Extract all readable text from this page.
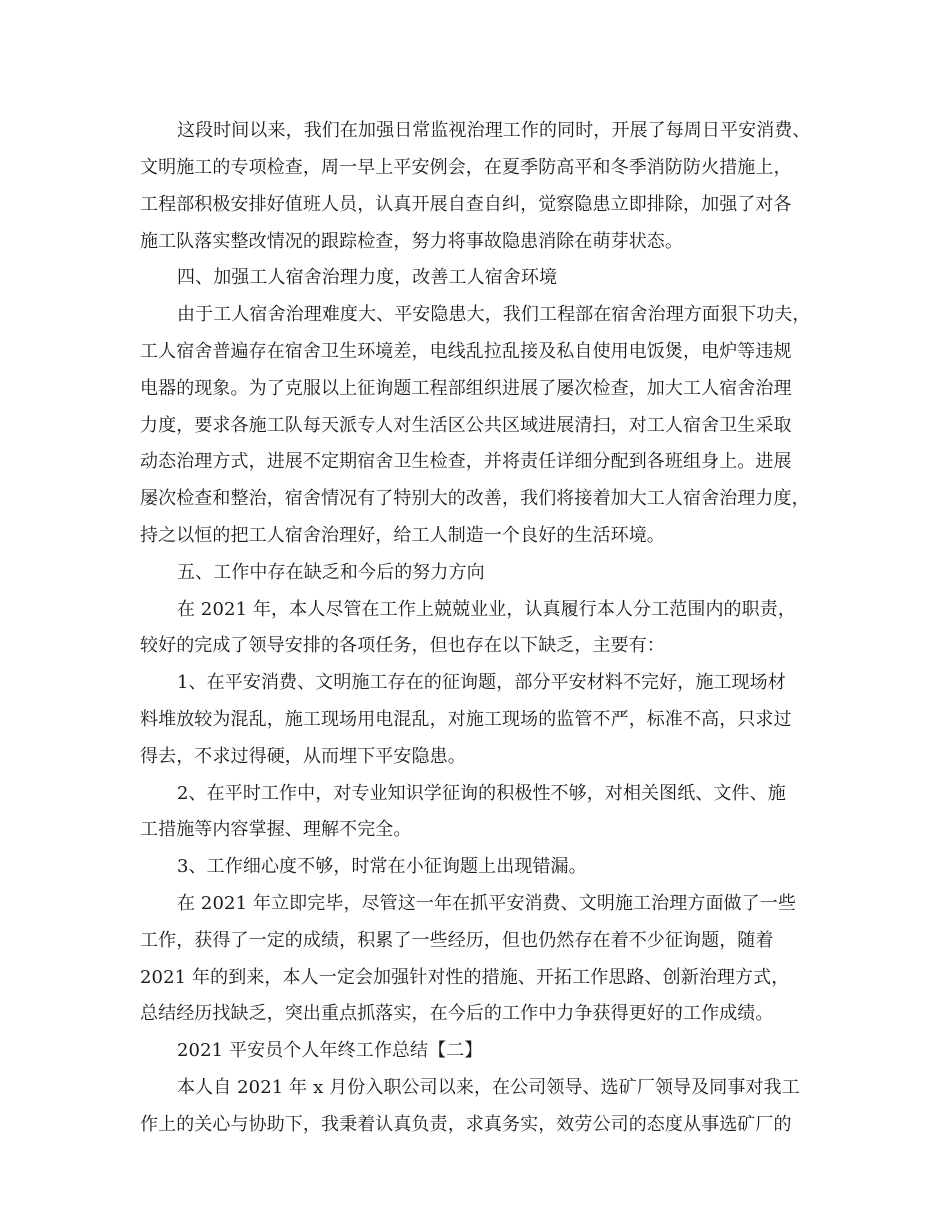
这段时间以来，我们在加强日常监视治理工作的同时，开展了每周日平安消费、
文明施工的专项检查，周一早上平安例会，在夏季防高平和冬季消防防火措施上，
工程部积极安排好值班人员，认真开展自查自纠，觉察隐患立即排除，加强了对各
施工队落实整改情况的跟踪检查，努力将事故隐患消除在萌芽状态。
四、加强工人宿舍治理力度，改善工人宿舍环境
由于工人宿舍治理难度大、平安隐患大，我们工程部在宿舍治理方面狠下功夫，
工人宿舍普遍存在宿舍卫生环境差，电线乱拉乱接及私自使用电饭煲，电炉等违规
电器的现象。为了克服以上征询题工程部组织进展了屡次检查，加大工人宿舍治理
力度，要求各施工队每天派专人对生活区公共区域进展清扫，对工人宿舍卫生采取
动态治理方式，进展不定期宿舍卫生检查，并将责任详细分配到各班组身上。进展
屡次检查和整治，宿舍情况有了特别大的改善，我们将接着加大工人宿舍治理力度，
持之以恒的把工人宿舍治理好，给工人制造一个良好的生活环境。
五、工作中存在缺乏和今后的努力方向
在 2021 年，本人尽管在工作上兢兢业业，认真履行本人分工范围内的职责，
较好的完成了领导安排的各项任务，但也存在以下缺乏，主要有：
1、在平安消费、文明施工存在的征询题，部分平安材料不完好，施工现场材
料堆放较为混乱，施工现场用电混乱，对施工现场的监管不严，标准不高，只求过
得去，不求过得硬，从而埋下平安隐患。
2、在平时工作中，对专业知识学征询的积极性不够，对相关图纸、文件、施
工措施等内容掌握、理解不完全。
3、工作细心度不够，时常在小征询题上出现错漏。
在 2021 年立即完毕，尽管这一年在抓平安消费、文明施工治理方面做了一些
工作，获得了一定的成绩，积累了一些经历，但也仍然存在着不少征询题，随着
2021 年的到来，本人一定会加强针对性的措施、开拓工作思路、创新治理方式，
总结经历找缺乏，突出重点抓落实，在今后的工作中力争获得更好的工作成绩。
2021 平安员个人年终工作总结【二】
本人自 2021 年 x 月份入职公司以来，在公司领导、选矿厂领导及同事对我工
作上的关心与协助下，我秉着认真负责，求真务实，效劳公司的态度从事选矿厂的
